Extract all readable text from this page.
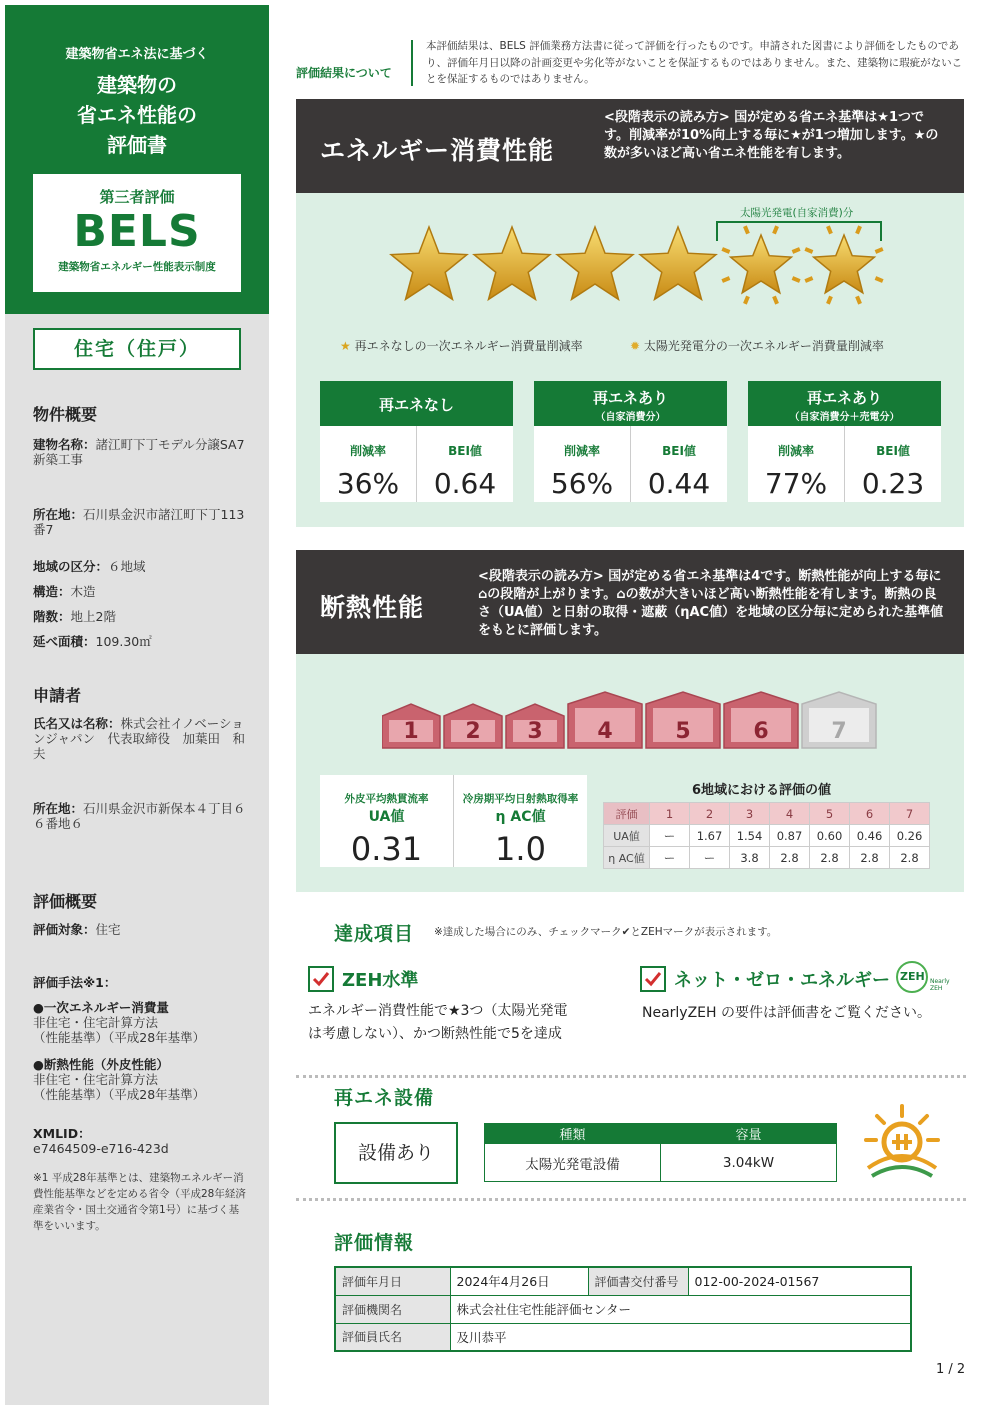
建築物省エネ法に基づく
建築物の
省エネ性能の
評価書
第三者評価
BELS
建築物省エネルギー性能表示制度
住宅（住戸）
物件概要
建物名称：諸江町下丁モデル分譲SA7　新築工事
所在地：石川県金沢市諸江町下丁113番7
地域の区分：６地域
構造：木造
階数：地上2階
延べ面積：109.30㎡
申請者
氏名又は名称：株式会社イノベーションジャパン　代表取締役　加葉田　和夫
所在地：石川県金沢市新保本４丁目６６番地６
評価概要
評価対象：住宅
評価手法※1：
●一次エネルギー消費量
非住宅・住宅計算方法
（性能基準）（平成28年基準）
●断熱性能（外皮性能）
非住宅・住宅計算方法
（性能基準）（平成28年基準）
XMLID：
e7464509-e716-423d
※1 平成28年基準とは、建築物エネルギー消費性能基準などを定める省令（平成28年経済産業省令・国土交通省令第1号）に基づく基準をいいます。
評価結果について
本評価結果は、BELS 評価業務方法書に従って評価を行ったものです。申請された図書により評価をしたものであり、評価年月日以降の計画変更や劣化等がないことを保証するものではありません。また、建築物に瑕疵がないことを保証するものではありません。
エネルギー消費性能
<段階表示の読み方> 国が定める省エネ基準は★1つです。削減率が10%向上する毎に★が1つ増加します。★の数が多いほど高い省エネ性能を有します。
太陽光発電(自家消費)分
★ 再エネなしの一次エネルギー消費量削減率	✹ 太陽光発電分の一次エネルギー消費量削減率
再エネなし
削減率
36%
BEI値
0.64
再エネあり
（自家消費分）
削減率
56%
BEI値
0.44
再エネあり
（自家消費分＋売電分）
削減率
77%
BEI値
0.23
断熱性能
<段階表示の読み方> 国が定める省エネ基準は4です。断熱性能が向上する毎に⌂の段階が上がります。⌂の数が大きいほど高い断熱性能を有します。断熱の良さ（UA値）と日射の取得・遮蔽（ηAC値）を地域の区分毎に定められた基準値をもとに評価します。
1 2 3 4	5	6	7
外皮平均熱貫流率
UA値
0.31
冷房期平均日射熱取得率
η AC値
1.0
6地域における評価の値
評価	1	2	3	4	5	6	7
UA値	ー	1.67	1.54	0.87	0.60	0.46	0.26
η AC値	ー	ー	3.8	2.8	2.8	2.8	2.8
達成項目 ※達成した場合にのみ、チェックマーク✔とZEHマークが表示されます。
ZEH水準
エネルギー消費性能で★3つ（太陽光発電
は考慮しない）、かつ断熱性能で5を達成
ネット・ゼロ・エネルギー ZEH Nearly ZEH
NearlyZEH の要件は評価書をご覧ください。
再エネ設備
設備あり
種類	容量
太陽光発電設備	3.04kW
評価情報
評価年月日	2024年4月26日	評価書交付番号	012-00-2024-01567
評価機関名	株式会社住宅性能評価センター		
評価員氏名	及川恭平		
1 / 2
